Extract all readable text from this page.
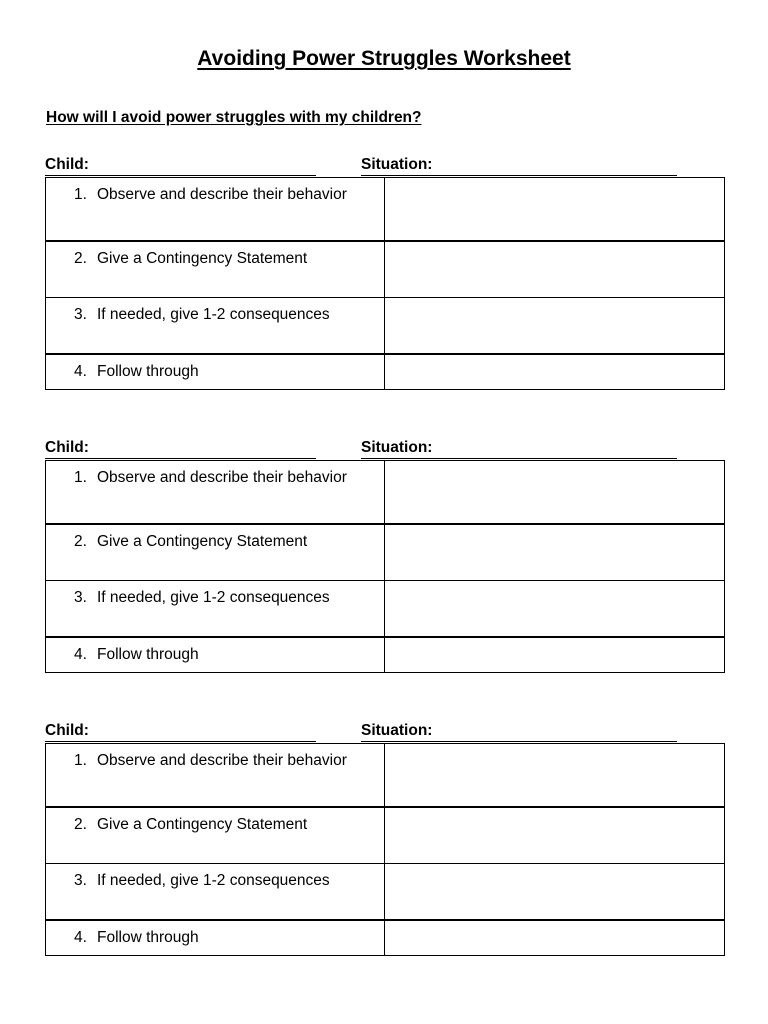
Avoiding Power Struggles Worksheet
How will I avoid power struggles with my children?
Child:	Situation:
1. Observe and describe their behavior	

2. Give a Contingency Statement	

3. If needed, give 1-2 consequences	

4. Follow through	

Child:	Situation:
1. Observe and describe their behavior	

2. Give a Contingency Statement	

3. If needed, give 1-2 consequences	

4. Follow through	

Child:	Situation:
1. Observe and describe their behavior	

2. Give a Contingency Statement	

3. If needed, give 1-2 consequences	

4. Follow through	
